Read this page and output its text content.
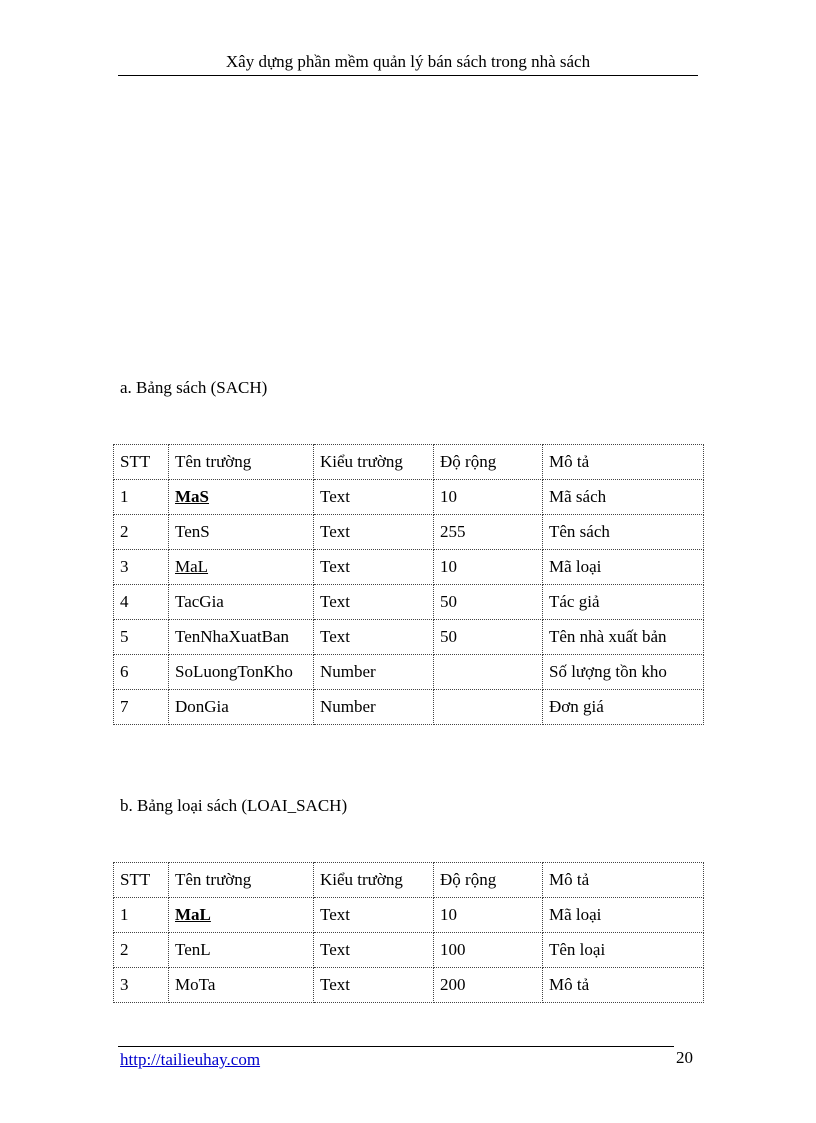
Xây dựng phần mềm quản lý bán sách trong nhà sách
a. Bảng sách (SACH)
STT	Tên trường	Kiểu trường	Độ rộng	Mô tả
1	MaS	Text	10	Mã sách
2	TenS	Text	255	Tên sách
3	MaL	Text	10	Mã loại
4	TacGia	Text	50	Tác giả
5	TenNhaXuatBan	Text	50	Tên nhà xuất bản
6	SoLuongTonKho	Number		Số lượng tồn kho
7	DonGia	Number		Đơn giá
b. Bảng loại sách (LOAI_SACH)
STT	Tên trường	Kiểu trường	Độ rộng	Mô tả
1	MaL	Text	10	Mã loại
2	TenL	Text	100	Tên loại
3	MoTa	Text	200	Mô tả
http://tailieuhay.com	20
